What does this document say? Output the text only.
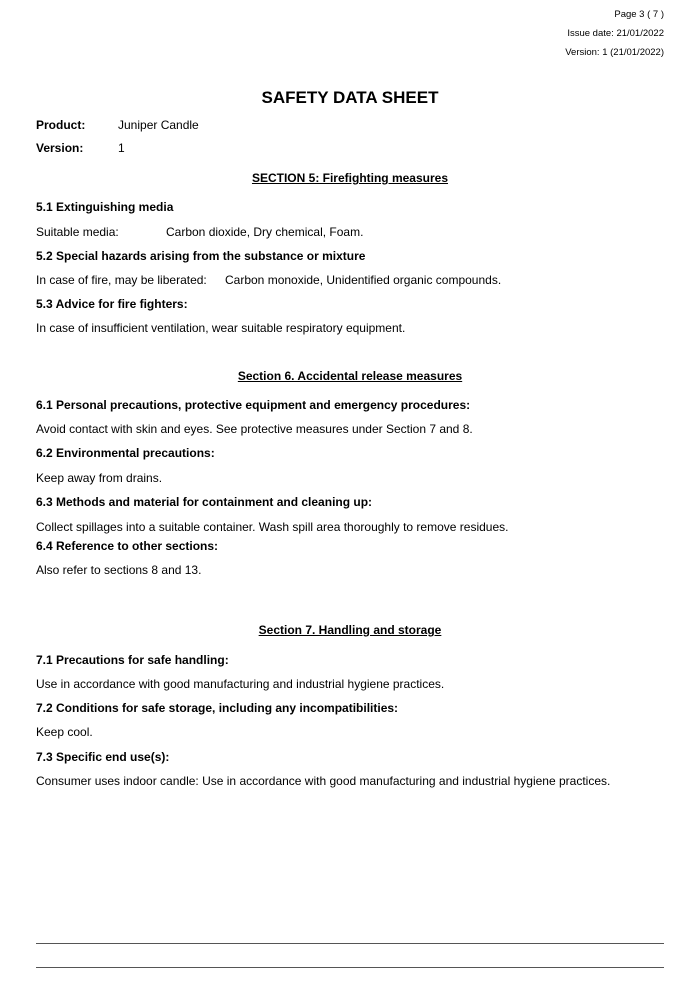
Page 3 ( 7 )
Issue date: 21/01/2022
Version: 1 (21/01/2022)
SAFETY DATA SHEET
Product:	Juniper Candle
Version:	1
SECTION 5: Firefighting measures
5.1 Extinguishing media
Suitable media:	Carbon dioxide, Dry chemical, Foam.
5.2 Special hazards arising from the substance or mixture
In case of fire, may be liberated: Carbon monoxide, Unidentified organic compounds.
5.3 Advice for fire fighters:
In case of insufficient ventilation, wear suitable respiratory equipment.
Section 6. Accidental release measures
6.1 Personal precautions, protective equipment and emergency procedures:
Avoid contact with skin and eyes. See protective measures under Section 7 and 8.
6.2 Environmental precautions:
Keep away from drains.
6.3 Methods and material for containment and cleaning up:
Collect spillages into a suitable container. Wash spill area thoroughly to remove residues.
6.4 Reference to other sections:
Also refer to sections 8 and 13.
Section 7. Handling and storage
7.1 Precautions for safe handling:
Use in accordance with good manufacturing and industrial hygiene practices.
7.2 Conditions for safe storage, including any incompatibilities:
Keep cool.
7.3 Specific end use(s):
Consumer uses indoor candle: Use in accordance with good manufacturing and industrial hygiene practices.
